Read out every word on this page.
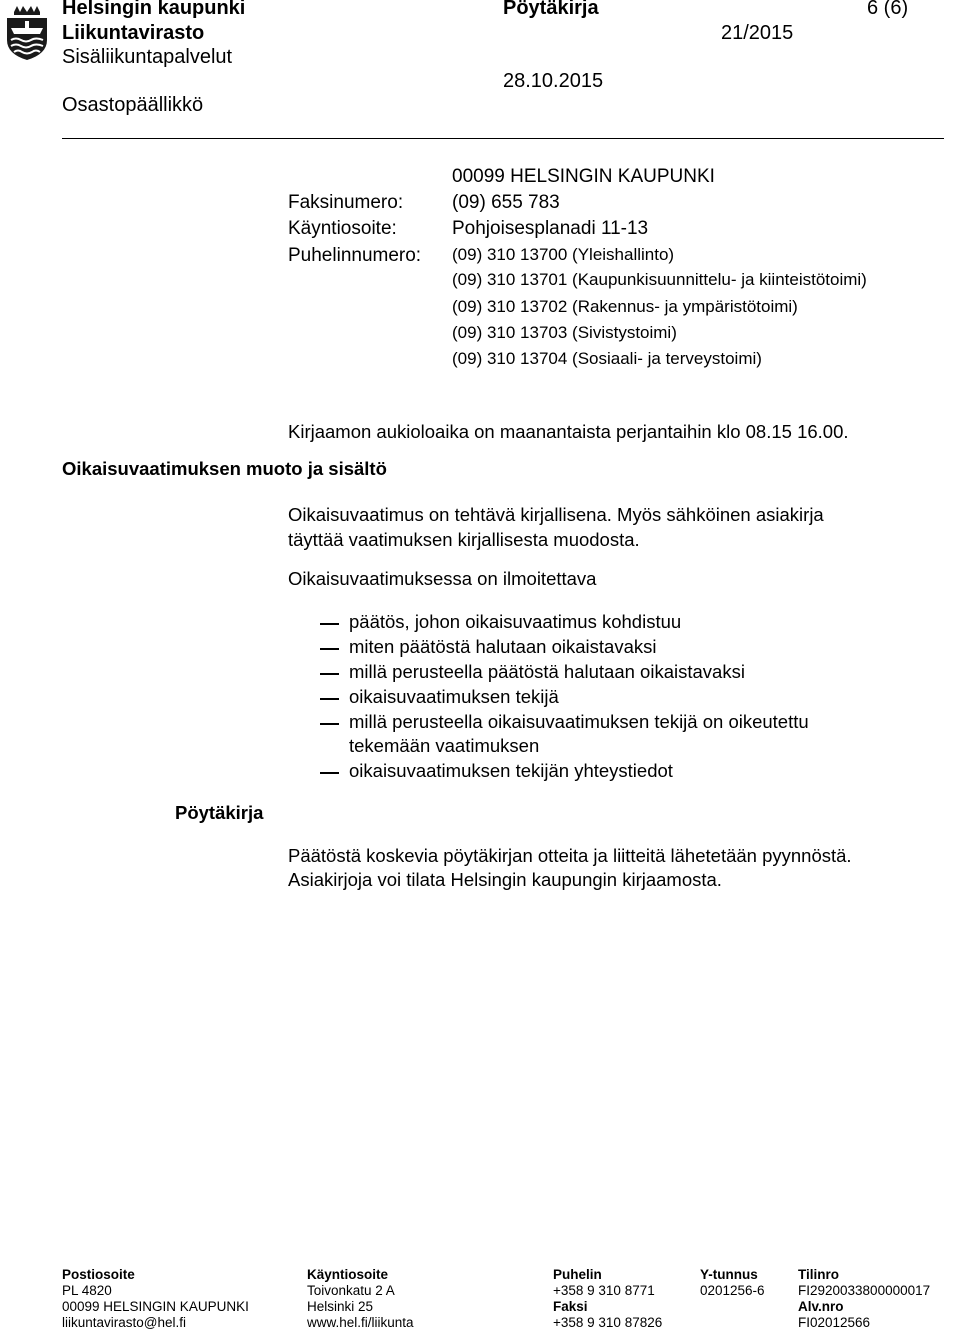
Helsingin kaupunki
Liikuntavirasto
Sisäliikuntapalvelut
Osastopäällikkö
Pöytäkirja
21/2015
28.10.2015
6 (6)
00099 HELSINGIN KAUPUNKI
Faksinumero:	(09) 655 783
Käyntiosoite:	Pohjoisesplanadi 11-13
Puhelinnumero: (09) 310 13700 (Yleishallinto)
(09) 310 13701 (Kaupunkisuunnittelu- ja kiinteistötoimi)
(09) 310 13702 (Rakennus- ja ympäristötoimi)
(09) 310 13703 (Sivistystoimi)
(09) 310 13704 (Sosiaali- ja terveystoimi)
Kirjaamon aukioloaika on maanantaista perjantaihin klo 08.15 16.00.
Oikaisuvaatimuksen muoto ja sisältö
Oikaisuvaatimus on tehtävä kirjallisena. Myös sähköinen asiakirja
täyttää vaatimuksen kirjallisesta muodosta.
Oikaisuvaatimuksessa on ilmoitettava
päätös, johon oikaisuvaatimus kohdistuu
miten päätöstä halutaan oikaistavaksi
millä perusteella päätöstä halutaan oikaistavaksi
oikaisuvaatimuksen tekijä
millä perusteella oikaisuvaatimuksen tekijä on oikeutettu
tekemään vaatimuksen
oikaisuvaatimuksen tekijän yhteystiedot
Pöytäkirja
Päätöstä koskevia pöytäkirjan otteita ja liitteitä lähetetään pyynnöstä.
Asiakirjoja voi tilata Helsingin kaupungin kirjaamosta.
Postiosoite
PL 4820
00099 HELSINGIN KAUPUNKI
liikuntavirasto@hel.fi
Käyntiosoite
Toivonkatu 2 A
Helsinki 25
www.hel.fi/liikunta
Puhelin
+358 9 310 8771
Faksi
+358 9 310 87826
Y-tunnus
0201256-6
Tilinro
FI2920033800000017
Alv.nro
FI02012566
